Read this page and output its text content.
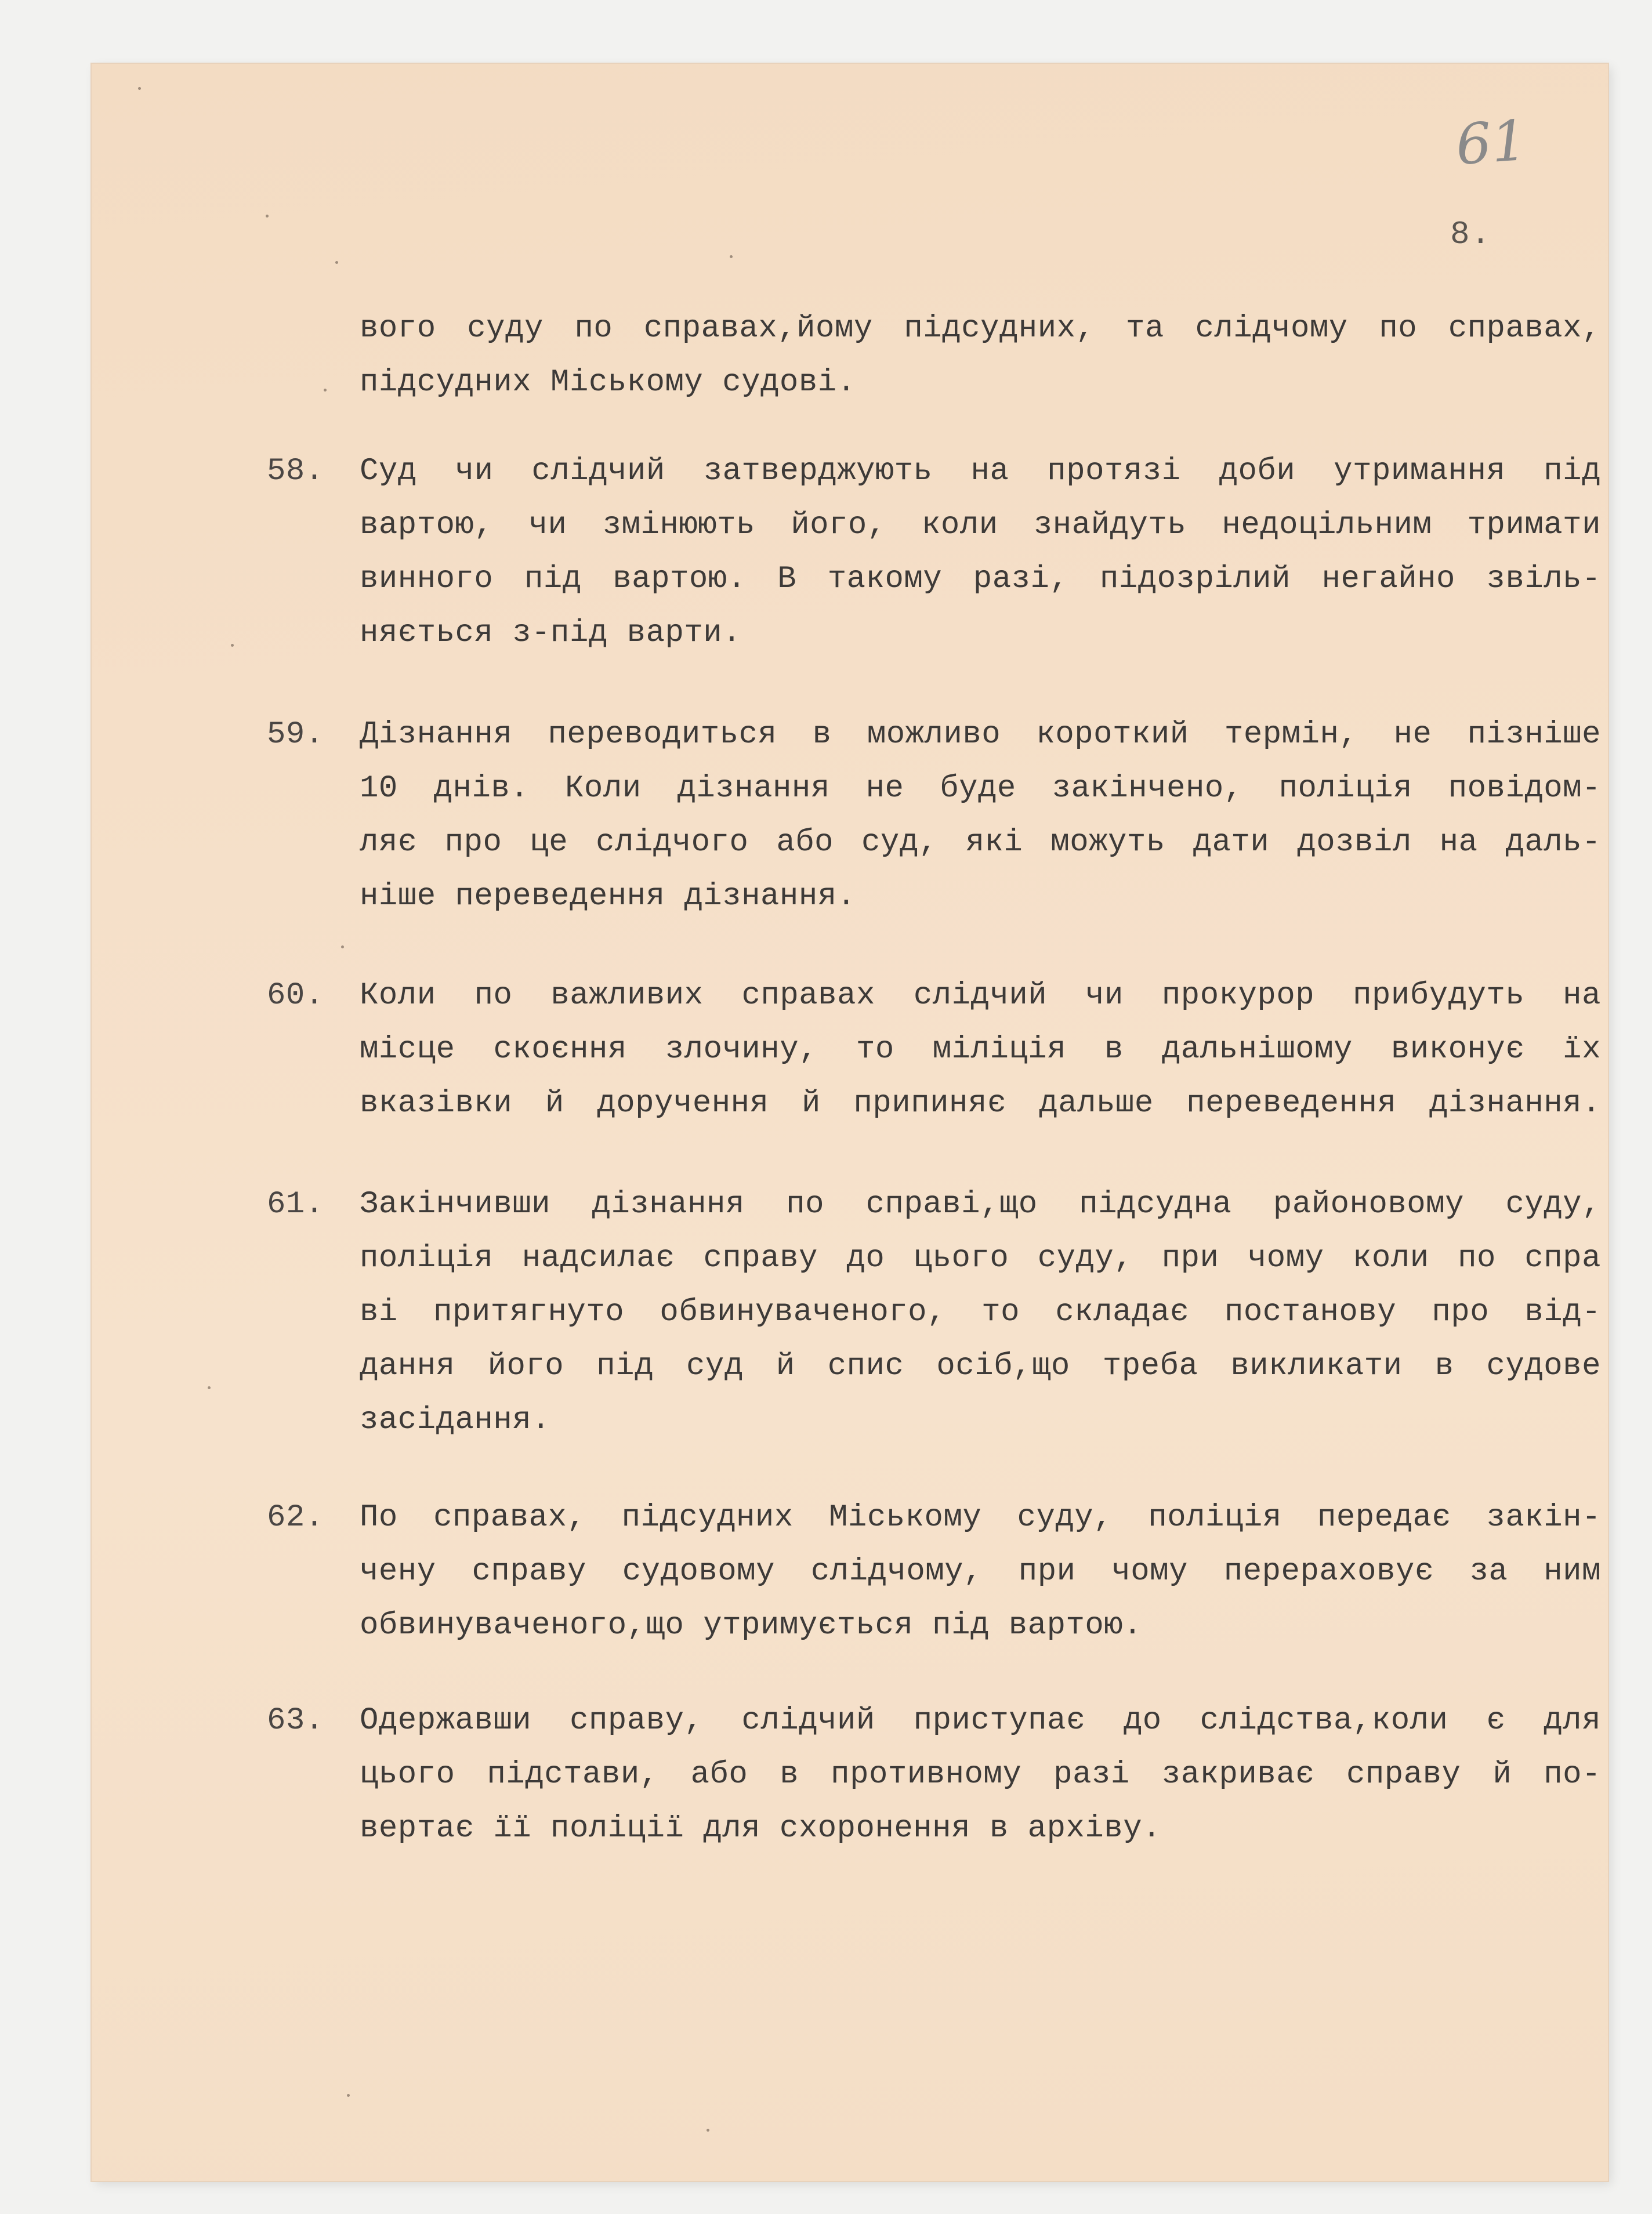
61
8.
вого суду по справах,йому підсудних, та слідчому по справах,
підсудних Міському судові.
58. Суд чи слідчий затверджують на протязі доби утримання під
вартою, чи змінюють його, коли знайдуть недоцільним тримати
винного під вартою. В такому разі, підозрілий негайно звіль-
няється з-під варти.
59. Дізнання переводиться в можливо короткий термін, не пізніше
10 днів. Коли дізнання не буде закінчено, поліція повідом-
ляє про це слідчого або суд, які можуть дати дозвіл на даль-
ніше переведення дізнання.
60. Коли по важливих справах слідчий чи прокурор прибудуть на
місце скоєння злочину, то міліція в дальнішому виконує їх
вказівки й доручення й припиняє дальше переведення дізнання.
61. Закінчивши дізнання по справі,що підсудна районовому суду,
поліція надсилає справу до цього суду, при чому коли по спра
ві притягнуто обвинуваченого, то складає постанову про від-
дання його під суд й спис осіб,що треба викликати в судове
засідання.
62. По справах, підсудних Міському суду, поліція передає закін-
чену справу судовому слідчому, при чому перераховує за ним
обвинуваченого,що утримується під вартою.
63. Одержавши справу, слідчий приступає до слідства,коли є для
цього підстави, або в противному разі закриває справу й по-
вертає її поліції для схоронення в архіву.
